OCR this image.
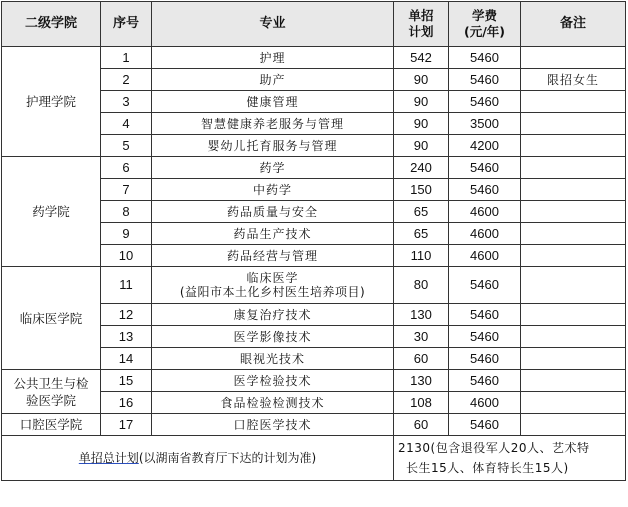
二级学院	序号	专业	单招
计划	学费
(元/年)	备注
护理学院	1	护理	542	5460	
	2	助产	90	5460	限招女生
	3	健康管理	90	5460	
	4	智慧健康养老服务与管理	90	3500	
	5	婴幼儿托育服务与管理	90	4200	
药学院	6	药学	240	5460	
	7	中药学	150	5460	
	8	药品质量与安全	65	4600	
	9	药品生产技术	65	4600	
	10	药品经营与管理	110	4600	
临床医学院	11	临床医学
(益阳市本土化乡村医生培养项目)	80	5460	
	12	康复治疗技术	130	5460	
	13	医学影像技术	30	5460	
	14	眼视光技术	60	5460	

公共卫生与检
验医学院	15	医学检验技术	130	5460	
	16	食品检验检测技术	108	4600	
口腔医学院	17	口腔医学技术	60	5460	
单招总计划(以湖南省教育厅下达的计划为准)			2130(包含退役军人20人、艺术特
长生15人、体育特长生15人)		
